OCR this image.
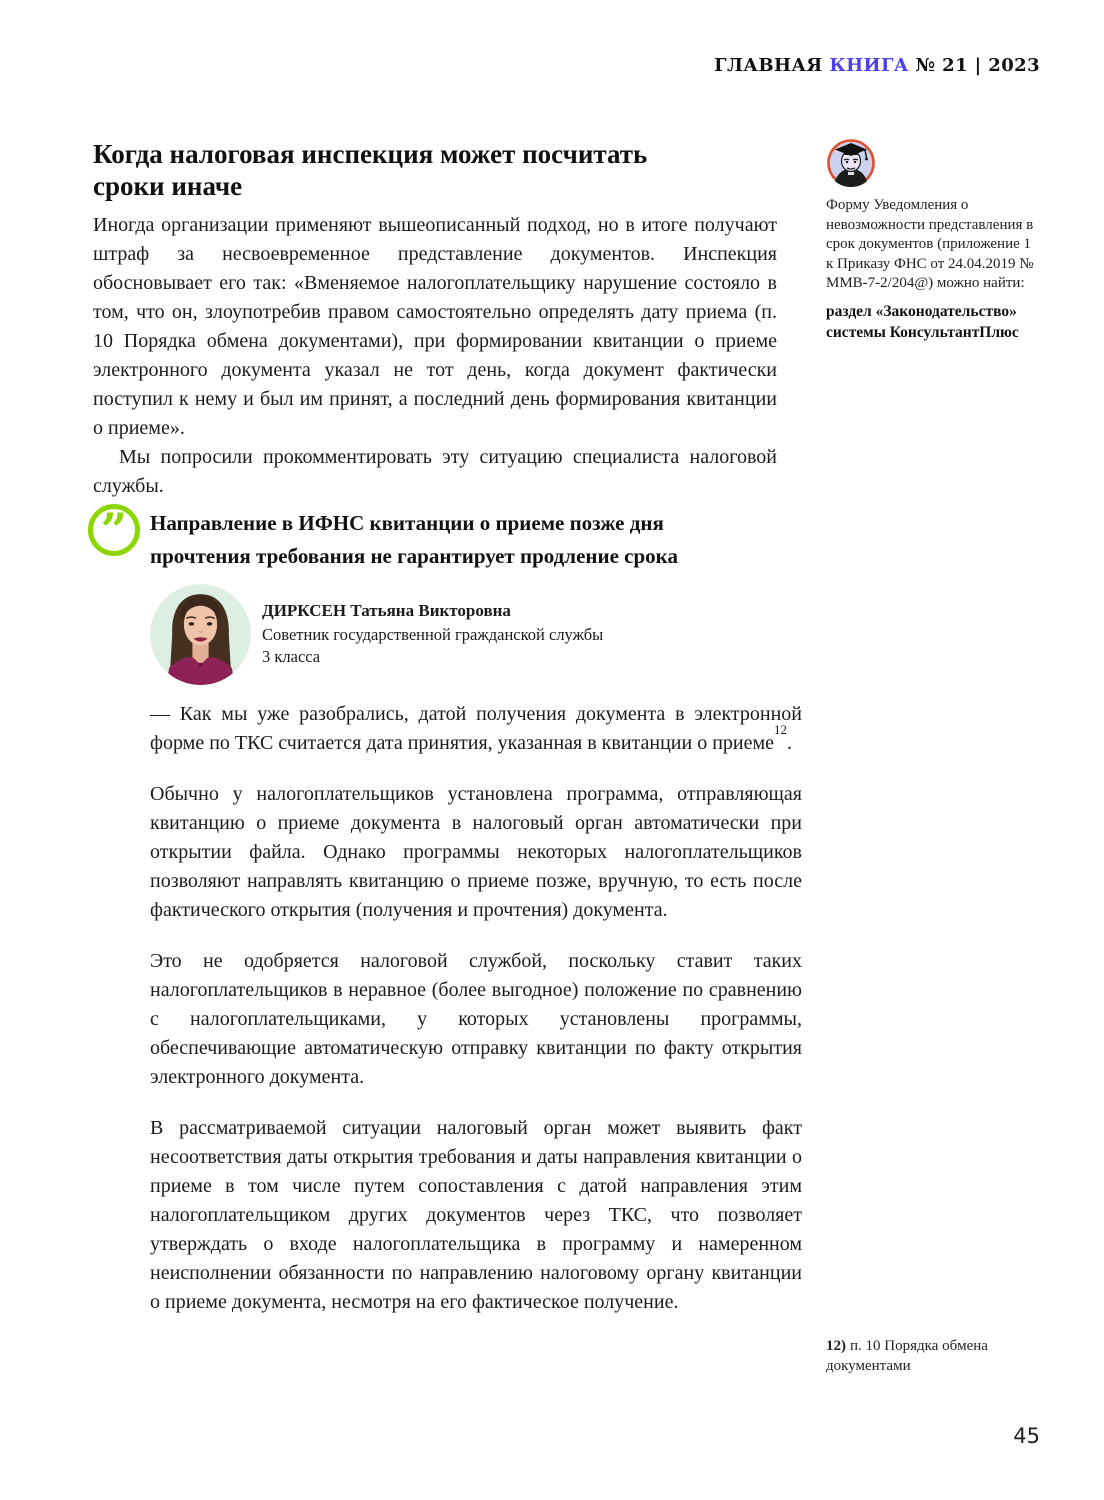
ГЛАВНАЯ КНИГА № 21 | 2023
Когда налоговая инспекция может посчитать
сроки иначе

Иногда организации применяют вышеописанный подход, но в итоге получают штраф за несвоевременное представление документов. Инспекция обосновывает его так: «Вменяемое налогоплательщику нарушение состояло в том, что он, злоупотребив правом самостоятельно определять дату приема (п. 10 Порядка обмена документами), при формировании квитанции о приеме электронного документа указал не тот день, когда документ фактически поступил к нему и был им принят, а последний день формирования квитанции о приеме».

Мы попросили прокомментировать эту ситуацию специалиста налоговой службы.

” Направление в ИФНС квитанции о приеме позже дня
прочтения требования не гарантирует продление срока

ДИРКСЕН Татьяна Викторовна

Советник государственной гражданской службы

3 класса

— Как мы уже разобрались, датой получения документа в электронной форме по ТКС считается дата принятия, указанная в квитанции о приеме$^{12}$.

Обычно у налогоплательщиков установлена программа, отправляющая квитанцию о приеме документа в налоговый орган автоматически при открытии файла. Однако программы некоторых налогоплательщиков позволяют направлять квитанцию о приеме позже, вручную, то есть после фактического открытия (получения и прочтения) документа.

Это не одобряется налоговой службой, поскольку ставит таких налогоплательщиков в неравное (более выгодное) положение по сравнению с налогоплательщиками, у которых установлены программы, обеспечивающие автоматическую отправку квитанции по факту открытия электронного документа.

В рассматриваемой ситуации налоговый орган может выявить факт несоответствия даты открытия требования и даты направления квитанции о приеме в том числе путем сопоставления с датой направления этим налогоплательщиком других документов через ТКС, что позволяет утверждать о входе налогоплательщика в программу и намеренном неисполнении обязанности по направлению налоговому органу квитанции о приеме документа, несмотря на его фактическое получение.

Форму Уведомления о невозможности представления в срок документов (приложение 1 к Приказу ФНС от 24.04.2019 № ММВ-7-2/204@) можно найти:

раздел «Законодательство» системы КонсультантПлюс

12) п. 10 Порядка обмена документами
45
